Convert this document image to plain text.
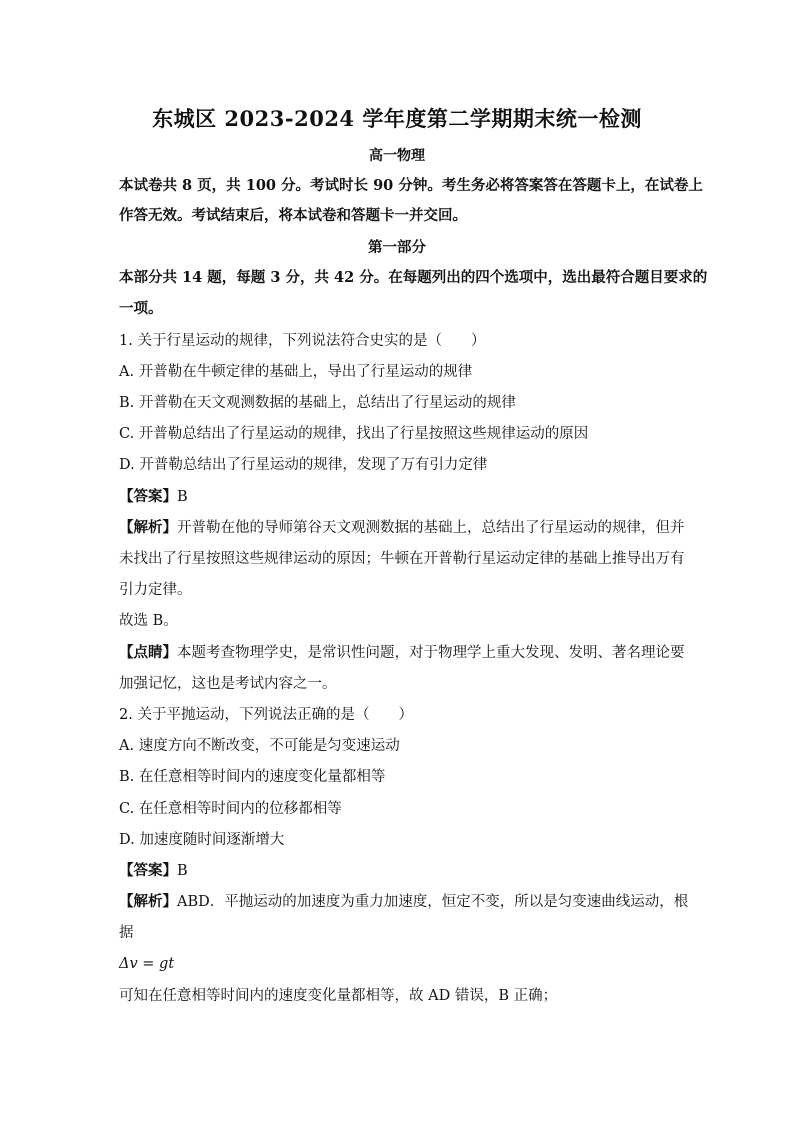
东城区 2023-2024 学年度第二学期期末统一检测
高一物理
本试卷共 8 页，共 100 分。考试时长 90 分钟。考生务必将答案答在答题卡上，在试卷上
作答无效。考试结束后，将本试卷和答题卡一并交回。
第一部分
本部分共 14 题，每题 3 分，共 42 分。在每题列出的四个选项中，选出最符合题目要求的
一项。
1. 关于行星运动的规律，下列说法符合史实的是（　　）
A. 开普勒在牛顿定律的基础上，导出了行星运动的规律
B. 开普勒在天文观测数据的基础上，总结出了行星运动的规律
C. 开普勒总结出了行星运动的规律，找出了行星按照这些规律运动的原因
D. 开普勒总结出了行星运动的规律，发现了万有引力定律
【答案】B
【解析】开普勒在他的导师第谷天文观测数据的基础上，总结出了行星运动的规律，但并
未找出了行星按照这些规律运动的原因；牛顿在开普勒行星运动定律的基础上推导出万有
引力定律。
故选 B。
【点睛】本题考查物理学史，是常识性问题，对于物理学上重大发现、发明、著名理论要
加强记忆，这也是考试内容之一。
2. 关于平抛运动，下列说法正确的是（　　）
A. 速度方向不断改变，不可能是匀变速运动
B. 在任意相等时间内的速度变化量都相等
C. 在任意相等时间内的位移都相等
D. 加速度随时间逐渐增大
【答案】B
【解析】ABD．平抛运动的加速度为重力加速度，恒定不变，所以是匀变速曲线运动，根
据
Δv = gt
可知在任意相等时间内的速度变化量都相等，故 AD 错误，B 正确；
